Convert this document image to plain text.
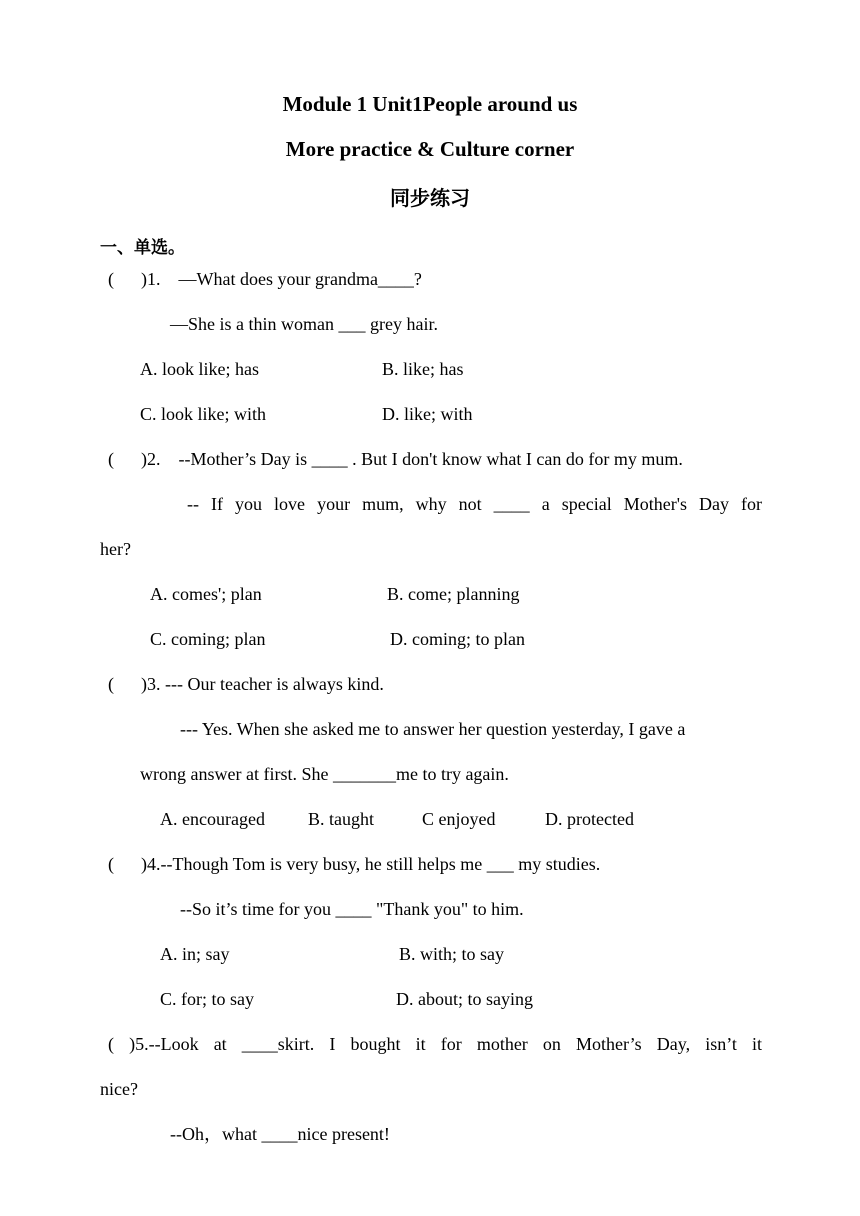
Module 1 Unit1People around us
More practice & Culture corner
同步练习
一、单选。
(      )1.    —What does your grandma____?
—She is a thin woman ___ grey hair.
A. look like; has	B. like; has
C. look like; with	D. like; with
(      )2.    --Mother’s Day is ____ . But I don't know what I can do for my mum.
-- If you love your mum, why not ____ a special Mother's Day for
her?
A. comes'; plan	B. come; planning
C. coming; plan	D. coming; to plan
(      )3. --- Our teacher is always kind.
--- Yes. When she asked me to answer her question yesterday, I gave a
wrong answer at first. She _______me to try again.
A. encouraged B. taught	C enjoyed	D. protected
(      )4.--Though Tom is very busy, he still helps me ___ my studies.
--So it’s time for you ____ "Thank you" to him.
A. in; say	B. with; to say
C. for; to say	D. about; to saying
( )5.--Look at ____skirt. I bought it for mother on Mother’s Day, isn’t it
nice?
--Oh，what ____nice present!
